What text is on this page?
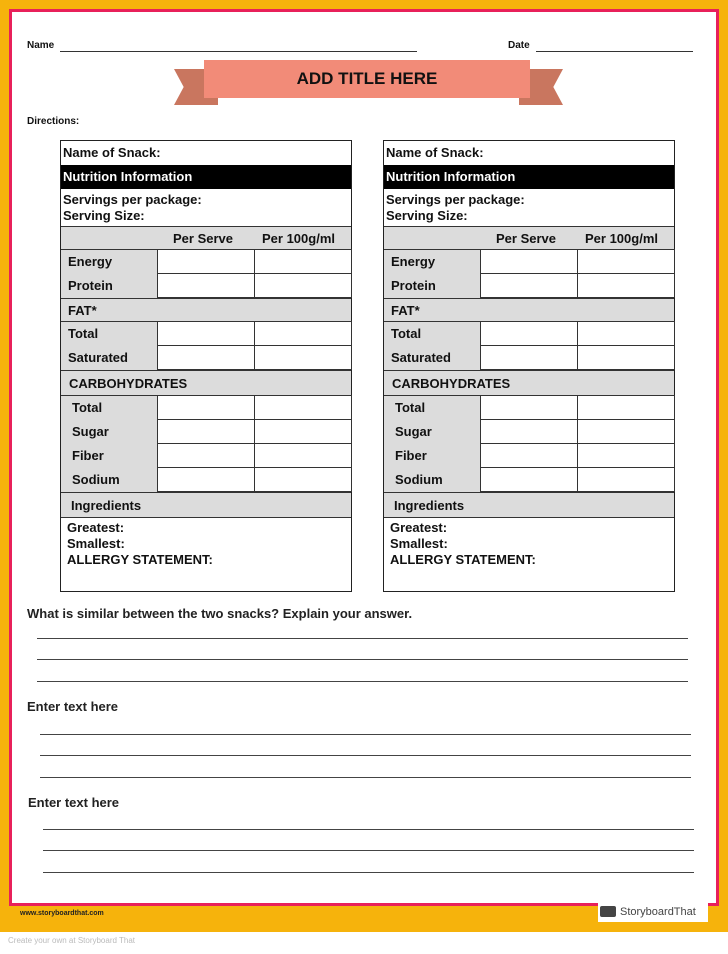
Name	Date
ADD TITLE HERE
Directions:
Name of Snack:
Nutrition Information
Servings per package:
Serving Size:
Per Serve Per 100g/ml
Energy
Protein
FAT*
Total
Saturated
CARBOHYDRATES
Total
Sugar
Fiber
Sodium
Ingredients
Greatest:
Smallest:
ALLERGY STATEMENT:
Name of Snack:
Nutrition Information
Servings per package:
Serving Size:
Per Serve Per 100g/ml
Energy
Protein
FAT*
Total
Saturated
CARBOHYDRATES
Total
Sugar
Fiber
Sodium
Ingredients
Greatest:
Smallest:
ALLERGY STATEMENT:
What is similar between the two snacks? Explain your answer.
Enter text here
Enter text here
www.storyboardthat.com	StoryboardThat
Create your own at Storyboard That
